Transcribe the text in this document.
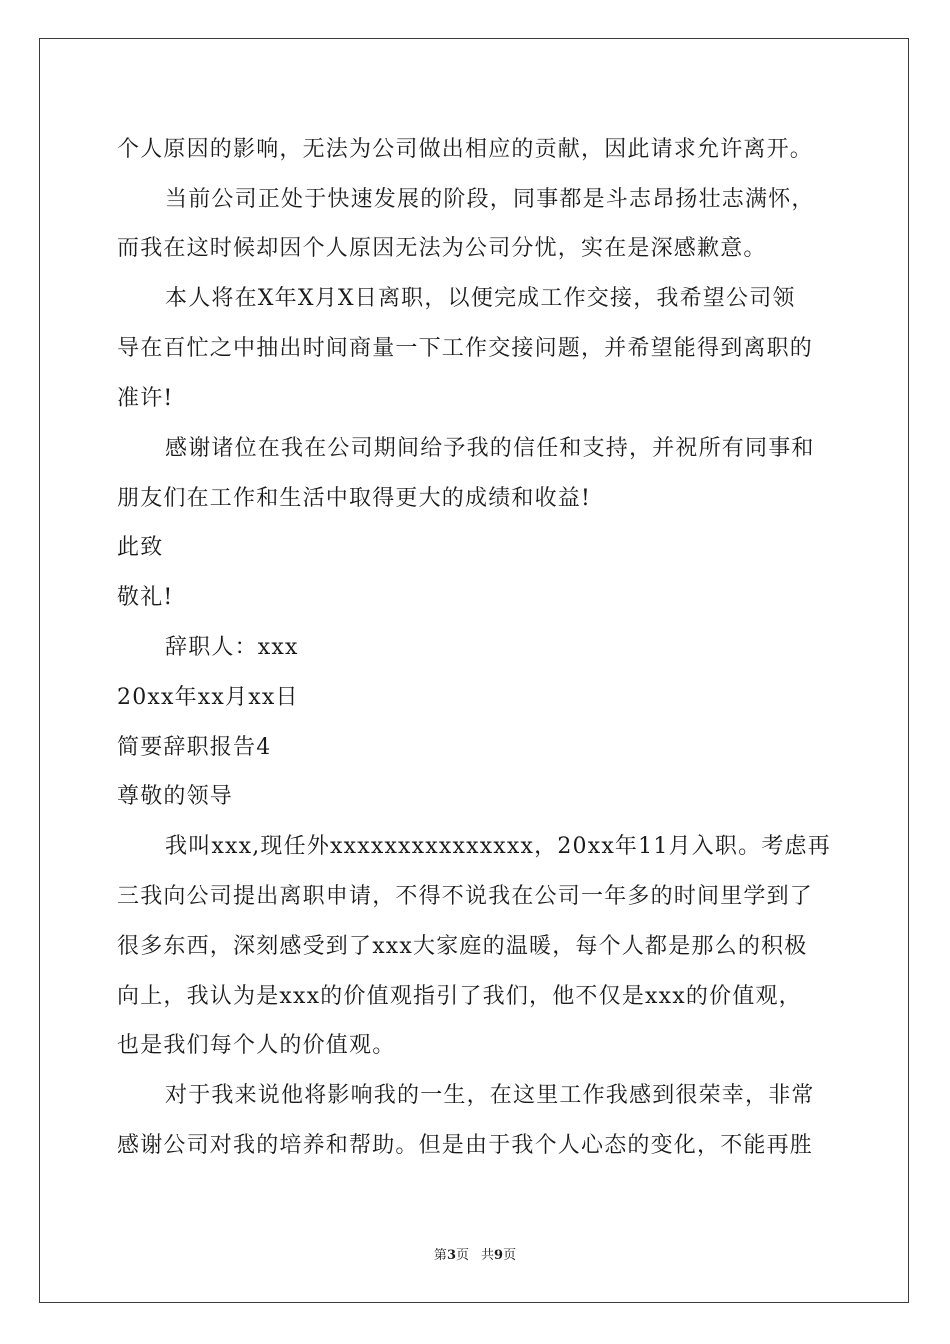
个人原因的影响，无法为公司做出相应的贡献，因此请求允许离开。
当前公司正处于快速发展的阶段，同事都是斗志昂扬壮志满怀，
而我在这时候却因个人原因无法为公司分忧，实在是深感歉意。
本人将在X年X月X日离职，以便完成工作交接，我希望公司领
导在百忙之中抽出时间商量一下工作交接问题，并希望能得到离职的
准许!
感谢诸位在我在公司期间给予我的信任和支持，并祝所有同事和
朋友们在工作和生活中取得更大的成绩和收益!
此致
敬礼!
辞职人：xxx
20xx年xx月xx日
简要辞职报告4
尊敬的领导
我叫xxx,现任外xxxxxxxxxxxxxxx，20xx年11月入职。考虑再
三我向公司提出离职申请，不得不说我在公司一年多的时间里学到了
很多东西，深刻感受到了xxx大家庭的温暖，每个人都是那么的积极
向上，我认为是xxx的价值观指引了我们，他不仅是xxx的价值观，
也是我们每个人的价值观。
对于我来说他将影响我的一生，在这里工作我感到很荣幸，非常
感谢公司对我的培养和帮助。但是由于我个人心态的变化，不能再胜
第3页 共9页
